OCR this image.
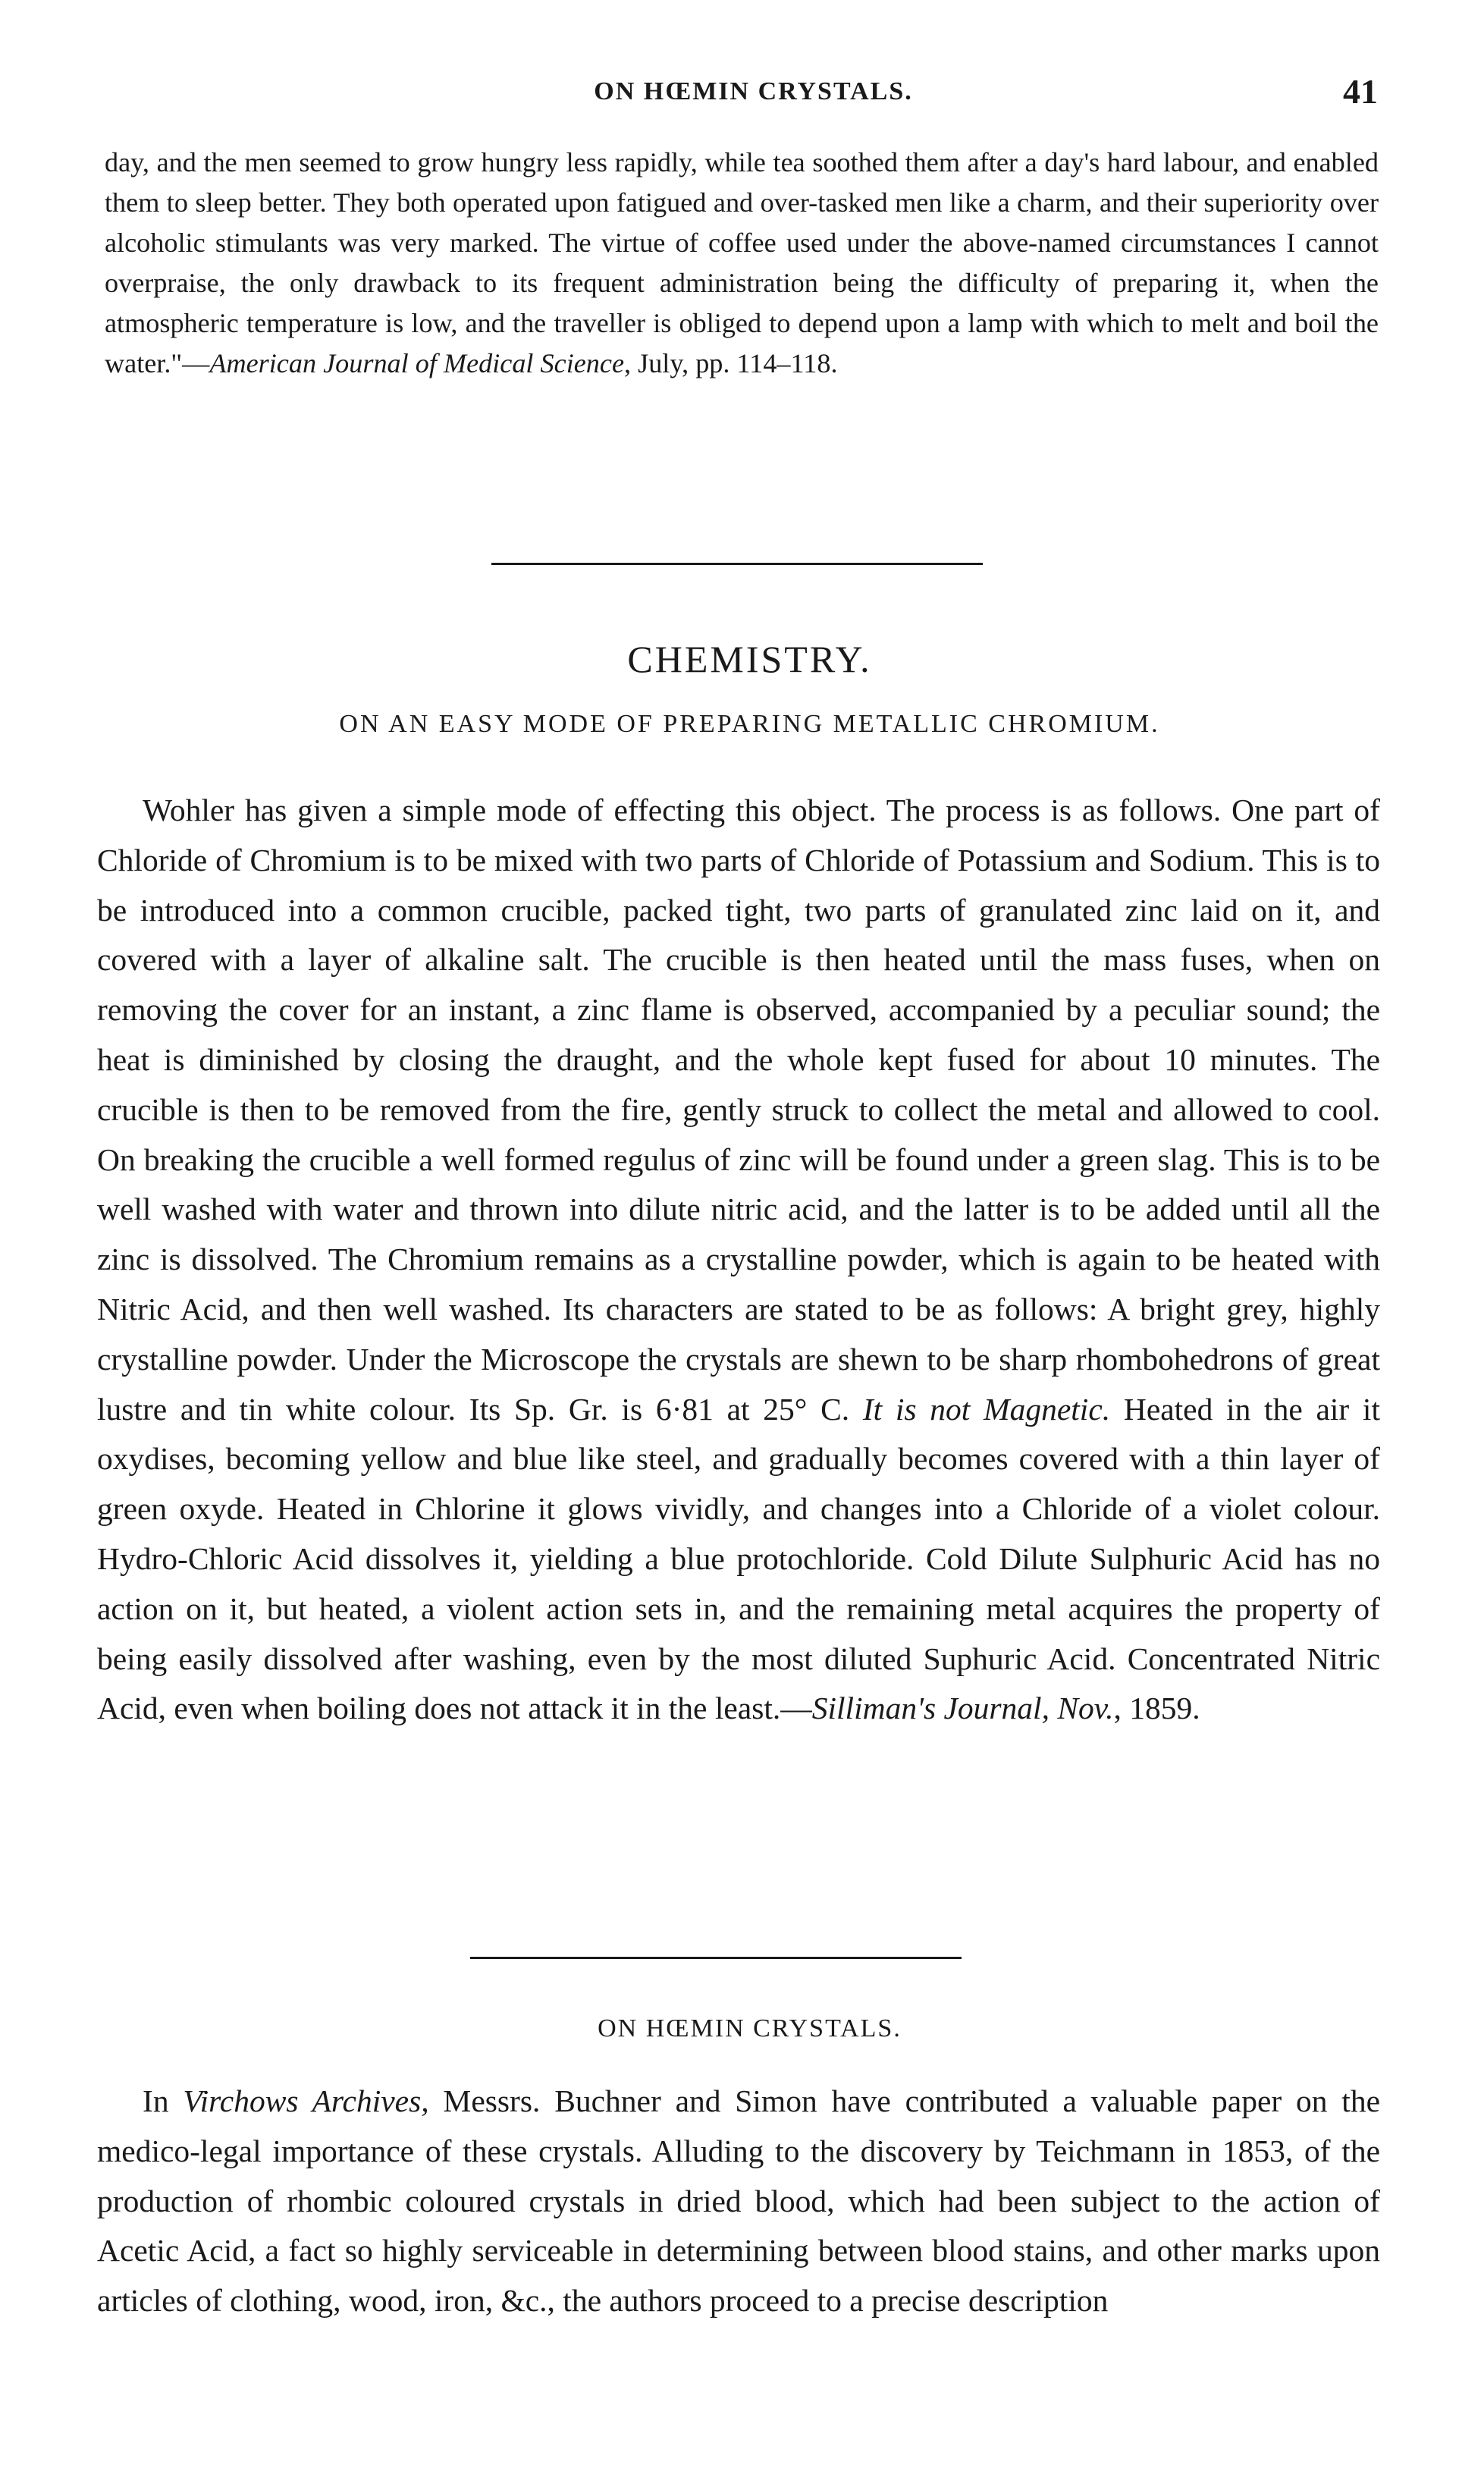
ON HŒMIN CRYSTALS.	41
day, and the men seemed to grow hungry less rapidly, while tea soothed them after a day's hard labour, and enabled them to sleep better. They both operated upon fatigued and over-tasked men like a charm, and their superiority over alcoholic stimulants was very marked. The virtue of coffee used under the above-named circumstances I cannot overpraise, the only drawback to its frequent administration being the difficulty of preparing it, when the atmospheric temperature is low, and the traveller is obliged to depend upon a lamp with which to melt and boil the water."—American Journal of Medical Science, July, pp. 114–118.
CHEMISTRY.
ON AN EASY MODE OF PREPARING METALLIC CHROMIUM.
Wohler has given a simple mode of effecting this object. The process is as follows. One part of Chloride of Chromium is to be mixed with two parts of Chloride of Potassium and Sodium. This is to be introduced into a common crucible, packed tight, two parts of granulated zinc laid on it, and covered with a layer of alkaline salt. The crucible is then heated until the mass fuses, when on removing the cover for an instant, a zinc flame is observed, accompanied by a peculiar sound; the heat is diminished by closing the draught, and the whole kept fused for about 10 minutes. The crucible is then to be removed from the fire, gently struck to collect the metal and allowed to cool. On breaking the crucible a well formed regulus of zinc will be found under a green slag. This is to be well washed with water and thrown into dilute nitric acid, and the latter is to be added until all the zinc is dissolved. The Chromium remains as a crystalline powder, which is again to be heated with Nitric Acid, and then well washed. Its characters are stated to be as follows: A bright grey, highly crystalline powder. Under the Microscope the crystals are shewn to be sharp rhombohedrons of great lustre and tin white colour. Its Sp. Gr. is 6·81 at 25° C. It is not Magnetic. Heated in the air it oxydises, becoming yellow and blue like steel, and gradually becomes covered with a thin layer of green oxyde. Heated in Chlorine it glows vividly, and changes into a Chloride of a violet colour. Hydro-Chloric Acid dissolves it, yielding a blue protochloride. Cold Dilute Sulphuric Acid has no action on it, but heated, a violent action sets in, and the remaining metal acquires the property of being easily dissolved after washing, even by the most diluted Suphuric Acid. Concentrated Nitric Acid, even when boiling does not attack it in the least.—Silliman's Journal, Nov., 1859.
ON HŒMIN CRYSTALS.
In Virchows Archives, Messrs. Buchner and Simon have contributed a valuable paper on the medico-legal importance of these crystals. Alluding to the discovery by Teichmann in 1853, of the production of rhombic coloured crystals in dried blood, which had been subject to the action of Acetic Acid, a fact so highly serviceable in determining between blood stains, and other marks upon articles of clothing, wood, iron, &c., the authors proceed to a precise description
